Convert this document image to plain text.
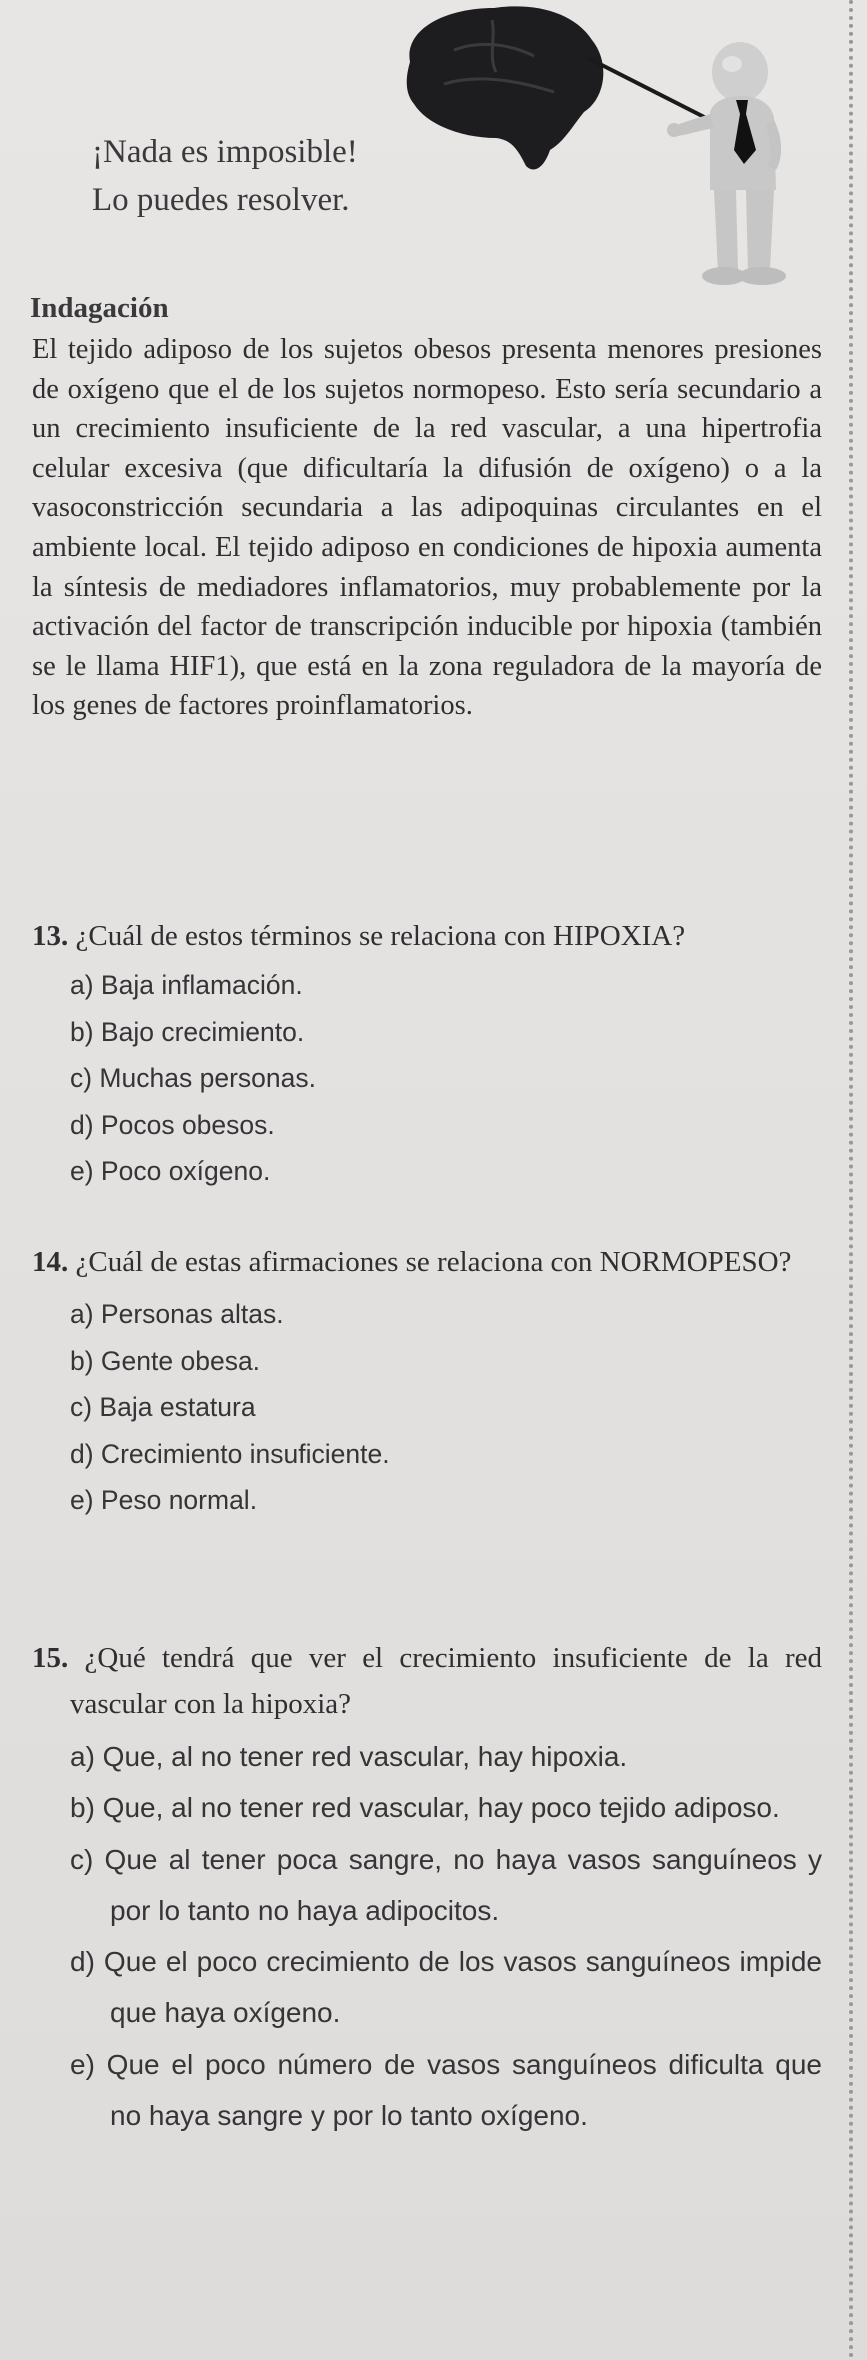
¡Nada es imposible!
Lo puedes resolver.
Indagación

El tejido adiposo de los sujetos obesos presenta menores presiones de oxígeno que el de los sujetos normopeso. Esto sería secundario a un crecimiento insuficiente de la red vascular, a una hipertrofia celular excesiva (que dificultaría la difusión de oxígeno) o a la vasoconstricción secundaria a las adipoquinas circulantes en el ambiente local. El tejido adiposo en condiciones de hipoxia aumenta la síntesis de mediadores inflamatorios, muy probablemente por la activación del factor de transcripción inducible por hipoxia (también se le llama HIF1), que está en la zona reguladora de la mayoría de los genes de factores proinflamatorios.

13. ¿Cuál de estos términos se relaciona con HIPOXIA?
a) Baja inflamación.
b) Bajo crecimiento.
c) Muchas personas.
d) Pocos obesos.
e) Poco oxígeno.
14. ¿Cuál de estas afirmaciones se relaciona con NORMOPESO?
a) Personas altas.
b) Gente obesa.
c) Baja estatura
d) Crecimiento insuficiente.
e) Peso normal.
15. ¿Qué tendrá que ver el crecimiento insuficiente de la red vascular con la hipoxia?
a) Que, al no tener red vascular, hay hipoxia.
b) Que, al no tener red vascular, hay poco tejido adiposo.
c) Que al tener poca sangre, no haya vasos sanguíneos y por lo tanto no haya adipocitos.
d) Que el poco crecimiento de los vasos sanguíneos impide que haya oxígeno.
e) Que el poco número de vasos sanguíneos dificulta que no haya sangre y por lo tanto oxígeno.
